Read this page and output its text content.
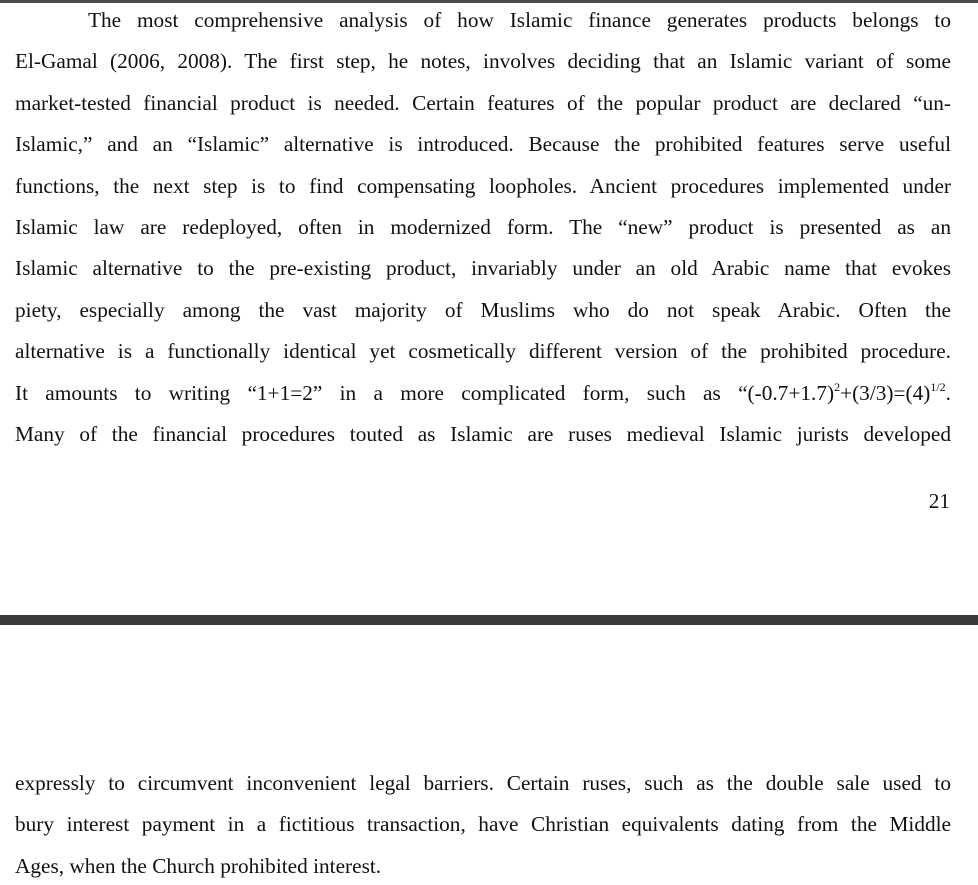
The most comprehensive analysis of how Islamic finance generates products belongs to
El-Gamal (2006, 2008). The first step, he notes, involves deciding that an Islamic variant of some
market-tested financial product is needed. Certain features of the popular product are declared “un-
Islamic,” and an “Islamic” alternative is introduced. Because the prohibited features serve useful
functions, the next step is to find compensating loopholes. Ancient procedures implemented under
Islamic law are redeployed, often in modernized form. The “new” product is presented as an
Islamic alternative to the pre-existing product, invariably under an old Arabic name that evokes
piety, especially among the vast majority of Muslims who do not speak Arabic. Often the
alternative is a functionally identical yet cosmetically different version of the prohibited procedure.
It amounts to writing “1+1=2” in a more complicated form, such as “$(-0.7+1.7)^2+(3/3)=(4)^{1/2}$.
Many of the financial procedures touted as Islamic are ruses medieval Islamic jurists developed
21
expressly to circumvent inconvenient legal barriers. Certain ruses, such as the double sale used to
bury interest payment in a fictitious transaction, have Christian equivalents dating from the Middle
Ages, when the Church prohibited interest.
